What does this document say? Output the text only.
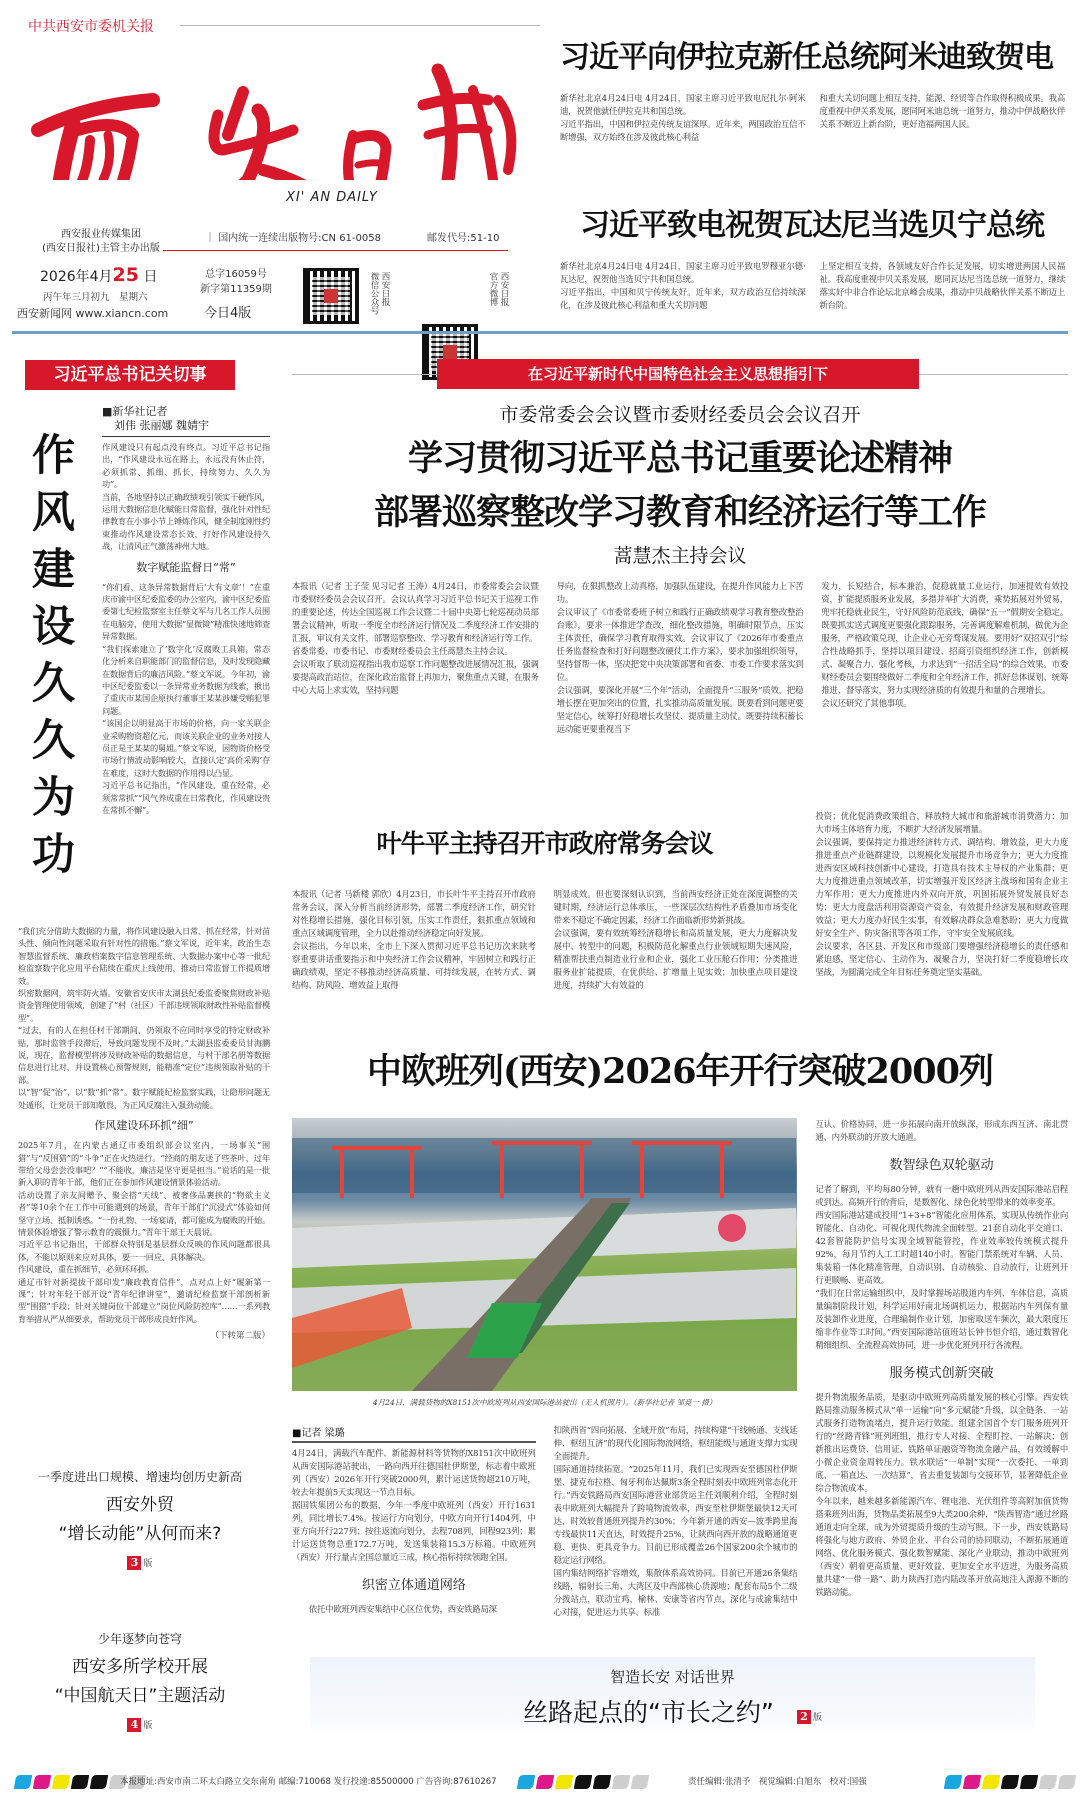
中共西安市委机关报
XI' AN DAILY
西安报业传媒集团
(西安日报社)主管主办出版
｜ 国内统一连续出版物号:CN 61-0058	邮发代号:51-10
2026年4月25 日
丙午年三月初九　星期六
西安新闻网 www.xiancn.com
总字16059号
新字第11359期
今日4版	微信公众号 西安日报	官方微博 西安日报
习近平向伊拉克新任总统阿米迪致贺电
新华社北京4月24日电 4月24日，国家主席习近平致电尼扎尔·阿米迪，祝贺他就任伊拉克共和国总统。
习近平指出，中国和伊拉克传统友谊深厚。近年来，两国政治互信不断增强，双方始终在涉及彼此核心利益
和重大关切问题上相互支持，能源、经贸等合作取得积极成果。我高度重视中伊关系发展，愿同阿米迪总统一道努力，推动中伊战略伙伴关系不断迈上新台阶，更好造福两国人民。
习近平致电祝贺瓦达尼当选贝宁总统
新华社北京4月24日电 4月24日，国家主席习近平致电罗穆亚尔德·瓦达尼，祝贺他当选贝宁共和国总统。
习近平指出，中国和贝宁传统友好。近年来，双方政治互信持续深化，在涉及彼此核心利益和重大关切问题
上坚定相互支持，各领域友好合作长足发展，切实增进两国人民福祉。我高度重视中贝关系发展，愿同瓦达尼当选总统一道努力，继续落实好中非合作论坛北京峰会成果，推动中贝战略伙伴关系不断迈上新台阶。
习近平总书记关切事
作风建设久久为功
■新华社记者
刘伟 张丽娜 魏婧宇
作风建设只有起点没有终点。习近平总书记指出，“作风建设永远在路上，永远没有休止符，必须抓常、抓细、抓长，持续努力、久久为功”。
当前，各地坚持以正确政绩观引领实干硬作风，运用大数据信息化赋能日常监督，强化针对性纪律教育在小事小节上锤炼作风，健全制度刚性约束推动作风建设常态长效，打好作风建设持久战，让清风正气激荡神州大地。
数字赋能监督日“常”
“你们看，这条异常数据背后‘大有文章’！”在重庆市渝中区纪委监委的办公室内，渝中区纪委监委第七纪检监察室主任蔡文军与几名工作人员围在电脑旁，使用大数据“显微镜”精准快速地筛查异常数据。
“我们探索建立了‘数字化’反腐败工具箱，常态化分析来自职能部门的监督信息，及时发现隐藏在数据背后的廉洁风险。”蔡文军说。今年初，渝中区纪委监委以一条异常业务数据为线索，揪出了重庆市某国企原执行董事王某某涉嫌受贿犯罪问题。
“该国企以明显高于市场的价格，向一家关联企业采购物资超亿元，而该关联企业的业务对接人员正是王某某的舅姐。”蔡文军说，因物资价格受市场行情波动影响较大，直接认定‘高价采购’存在难度，这时大数据的作用得以凸显。
习近平总书记指出，“作风建设，重在经常，必须常常抓”“风气养成重在日常教化，作风建设贵在常抓不懈”。
“我们充分借助大数据的力量，将作风建设融入日常、抓在经常，针对苗头性、倾向性问题采取有针对性的措施。”蔡文军说，近年来，政治生态智慧监督系统、廉政档案数字信息管理系统、大数据办案中心等一批纪检监察数字化应用平台陆续在重庆上线使用，推动日常监督工作提质增效。
织密数据网，筑牢防火墙。安徽省安庆市太湖县纪委监委聚焦财政补贴资金管理使用领域，创建了“村（社区）干部违规领取财政性补贴监督模型”。
“过去，有的人在担任村干部期间，仍领取不应同时享受的特定财政补贴，那时监管手段滞后，导致问题发现不及时。”太湖县监委委员甘海鹏说，现在，监督模型将涉及财政补贴的数据信息，与村干部名册等数据信息进行比对，并设置核心预警规则，能精准“定位”违规领取补贴的干部。
以“智”促“治”，以“数”抓“常”。数字赋能纪检监察实践，让隐形问题无处遁形，让党员干部知敬畏，为正风反腐注入强劲动能。
作风建设环环抓“细”
2025年7月，在内蒙古通辽市委组织部会议室内，一场事关“围猎”与“反围猎”的“斗争”正在火热进行。“经商的朋友送了些茶叶，过年带给父母尝尝没事吧？”“不能收，廉洁是坚守更是担当。”说话的是一批新入职的青年干部，他们正在参加作风建设情景体验活动。
活动设置了亲友间赠予、聚会搭“天线”、被奢侈品裹挟的“物欲主义者”等10余个在工作中可能遇到的场景，青年干部们“沉浸式”体验如何坚守立场、抵制诱惑。“一份礼物、一场宴请，都可能成为腐败的开始。情景体验增强了警示教育的震慑力。”青年干部王天晨说。
习近平总书记指出，干部群众特别是基层群众反映的作风问题都很具体，不能以原则来应对具体，要一一回应、具体解决。
作风建设，重在抓细节，必须环环抓。
通辽市针对新提拔干部印发“廉政教育信件”，点对点上好“履新第一课”；针对年轻干部开设“青年纪律讲堂”，邀请纪检监察干部剖析新型“围猎”手段；针对关键岗位干部建立“岗位风险防控库”……一系列教育举措从严从细要求，帮助党员干部形成良好作风。
（下转第二版）
一季度进出口规模、增速均创历史新高
西安外贸
“增长动能”从何而来?
3 版
少年逐梦向苍穹
西安多所学校开展
“中国航天日”主题活动
4 版
在习近平新时代中国特色社会主义思想指引下
市委常委会会议暨市委财经委员会会议召开
学习贯彻习近平总书记重要论述精神
部署巡察整改学习教育和经济运行等工作
蒿慧杰主持会议
本报讯（记者 王子莹 见习记者 王涛）4月24日，市委常委会会议暨市委财经委员会会议召开。会议认真学习习近平总书记关于巡视工作的重要论述，传达全国巡视工作会议暨二十届中央第七轮巡视动员部署会议精神，听取一季度全市经济运行情况及二季度经济工作安排的汇报，审议有关文件，部署巡察整改、学习教育和经济运行等工作。
省委常委、市委书记、市委财经委员会主任蒿慧杰主持会议。
会议听取了联动巡视指出我市巡察工作问题整改进展情况汇报，强调要提高政治站位，在深化政治监督上再加力，聚焦重点关键，在服务中心大局上求实效，坚持问题
导向，在狠抓整改上动真格，加强队伍建设，在提升作风能力上下苦功。
会议审议了《市委常委班子树立和践行正确政绩观学习教育整改整治台账》，要求一体推进学查改，细化整改措施，明确时限节点，压实主体责任，确保学习教育取得实效。会议审议了《2026年市委重点任务监督检查和打好问题整改硬仗工作方案》，要求加强组织领导，坚持督帮一体，坚决把党中央决策部署和省委、市委工作要求落实到位。
会议强调，要深化开展“三个年”活动，全面提升“三服务”质效，把稳增长摆在更加突出的位置，扎实推动高质量发展。既要看到问题更要坚定信心，统筹打好稳增长攻坚仗、提质量主动仗。既要持续积蓄长远动能更要重视当下
发力，长短结合，标本兼治，促稳就量工业运行，加速提效有效投资，扩能提质服务业发展，多措并举扩大消费，乘势拓展对外贸易，兜牢托稳就业民生，守好风险防范底线，确保“五一”假期安全稳定。既要抓实送式调度更要强化跟踪服务，完善调度解难机制，做优为企服务，严格政策兑现，让企业心无旁骛谋发展。要用好“双招双引”综合性战略抓手，坚持以项目建设、招商引资组织经济工作，创新模式、凝聚合力、强化考核，力求达到“一招活全局”的综合效果。市委财经委员会要围绕做好二季度和全年经济工作，抓好总体谋划、统筹推进、督导落实，努力实现经济质的有效提升和量的合理增长。
会议还研究了其他事项。
叶牛平主持召开市政府常务会议
本报讯（记者 马新楼 郭欣）4月23日，市长叶牛平主持召开市政府常务会议，深入分析当前经济形势，部署二季度经济工作，研究针对性稳增长措施，强化目标引领，压实工作责任，狠抓重点领域和重点区域调度管理，全力以赴推动经济稳定向好发展。
会议指出，今年以来，全市上下深入贯彻习近平总书记历次来陕考察重要讲话重要指示和中央经济工作会议精神，牢固树立和践行正确政绩观，坚定不移推动经济高质量、可持续发展，在转方式、调结构、防风险、增效益上取得
明显成效。但也要深刻认识到，当前西安经济正处在深度调整的关键时期，经济运行总体承压，一些深层次结构性矛盾叠加市场变化带来不稳定不确定因素，经济工作面临新形势新挑战。
会议强调，要有效统筹经济稳增长和高质量发展，更大力度解决发展中、转型中的问题，积极防范化解重点行业领域短期失速风险，精准帮扶重点制造业行业和企业，强化工业压舱石作用；分类推进服务业扩能提质，在优供给、扩增量上见实效；加快重点项目建设进度，持续扩大有效益的
投资；优化促消费政策组合，释放特大城市和旅游城市消费潜力；加大市场主体培育力度，不断扩大经济发展增量。
会议强调，要保持定力推进经济转方式、调结构、增效益，更大力度推进重点产业链群建设，以规模化发展提升市场竞争力；更大力度推进西安区域科技创新中心建设，打造具有技术主导权的产业集群；更大力度推进重点领域改革，切实增强开发区经济主战场和国有企业主力军作用；更大力度推进内外双向开放，巩固拓展外贸发展良好态势；更大力度盘活利用资源资产资金，有效提升经济发展和财政管理效益；更大力度办好民生实事，有效解决群众急难愁盼；更大力度做好安全生产、防灾备汛等各项工作，守牢安全发展底线。
会议要求，各区县、开发区和市级部门要增强经济稳增长的责任感和紧迫感，坚定信心、主动作为、凝聚合力，坚决打好二季度稳增长攻坚战，为圆满完成全年目标任务奠定坚实基础。
中欧班列(西安)2026年开行突破2000列
4月24日，满载货物的X8151次中欧班列从西安国际港站驶出（无人机照片）。（新华社记者 邹竞一 摄）
■记者 梁璐
4月24日，满载汽车配件、新能源材料等货物的X8151次中欧班列从西安国际港站驶出，一路向西开往德国杜伊斯堡，标志着中欧班列（西安）2026年开行突破2000列，累计运送货物超210万吨，较去年提前5天实现这一节点目标。
据国铁集团公布的数据，今年一季度中欧班列（西安）开行1631列，同比增长7.4%。按运行方向划分，中欧方向开行1404列，中亚方向开行227列；按往返流向划分，去程708列，回程923列；累计运送货物总重172.7万吨，发送集装箱15.3万标箱。中欧班列（西安）开行量占全国总量近三成，核心指标持续领跑全国。
织密立体通道网络
依托中欧班列西安集结中心区位优势，西安铁路局深
扣陕西省“四向拓展、全域开放”布局，持续构建“干线畅通、支线延伸、枢纽互济”的现代化国际物流网络，枢纽能级与通道支撑力实现全面提升。
国际通道持续拓宽。“2025年11月，我们已实现西安至德国杜伊斯堡、捷克布拉格、匈牙利布达佩斯3条全程时刻表中欧班列常态化开行。”西安铁路局西安国际港营业部货运主任刘顺利介绍，全程时刻表中欧班列大幅提升了跨境物流效率，西安至杜伊斯堡最快12天可达，时效较普通班列提升约30%；今年新开通的西安—波季跨里海专线最快11天直达，时效提升25%，让陕西向西开放的战略通道更稳、更快、更具竞争力。目前已形成覆盖26个国家200余个城市的稳定运行网络。
国内集结网络扩容增效，集散体系高效协同。目前已开通26条集结线路，辐射长三角、大湾区及中西部核心货源地；配套布局5个二级分拨站点，联动宝鸡、榆林、安康等省内节点，深化与成渝集结中心对接，促进运力共享、标准
互认、价格协同，进一步拓展向南开放纵深，形成东西互济、南北贯通、内外联动的开放大通道。
数智绿色双轮驱动
记者了解到，平均每80分钟，就有一趟中欧班列从西安国际港站启程或到达。高频开行的背后，是数智化、绿色化转型带来的效率变革。
西安国际港站建成投用“1+3+8”智能化应用体系，实现从传统作业向智能化、自动化、可视化现代物流全面转型。21套自动化平交道口、42套智能防护信号实现全域智能管控，作业效率较传统模式提升92%，每月节约人工工时超140小时。智能门禁系统对车辆、人员、集装箱一体化精准管理，自动识别、自动核验、自动放行，让班列开行更顺畅、更高效。
“我们在日常运输组织中，及时掌握场站股道内车列、车体信息，高质量编制阶段计划，科学运用好南北场调机运力，根据站内车列保有量及装卸作业进度，合理编制作业计划，加密取送车频次，最大限度压缩非作业等工时间。”西安国际港站值班站长钟书恒介绍，通过数智化精细组织、全流程高效协同，进一步优化班列开行各流程。
服务模式创新突破
提升物流服务品质，是驱动中欧班列高质量发展的核心引擎。西安铁路局推动服务模式从“单一运输”向“多元赋能”升级，以全链条、一站式服务打造物流堵点，提升运行效能。组建全国首个专门服务班列开行的“丝路青锋”班列班组，推行专人对接、全程盯控、一站解决；创新推出运费贷、信用证、铁路单证融资等物流金融产品，有效缓解中小微企业资金周转压力。铁水联运“一单制”实现“一次委托、一单到底、一箱直达、一次结算”，省去重复装卸与交接环节，显著降低企业综合物流成本。
今年以来，越来越多新能源汽车、锂电池、光伏组件等高附加值货物搭乘班列出海，货物品类拓展至9大类200余种，“陕西智造”通过丝路通道走向全球，成为外贸提质升级的生动写照。下一步，西安铁路局将强化与地方政府、外贸企业、平台公司的协同联动，不断拓展通道网络、优化服务模式、强化数智赋能、深化产业联动，推动中欧班列（西安）朝着更高质量、更好效益、更加安全水平迈进，为服务高质量共建“一带一路”、助力陕西打造内陆改革开放高地注入源源不断的铁路动能。
智造长安 对话世界
丝路起点的“市长之约” 2 版
本报地址:西安市南二环太白路立交东南角 邮编:710068 发行投递:85500000 广告咨询:87610267	责任编辑:张清予　视觉编辑:白旭东　校对:国强
